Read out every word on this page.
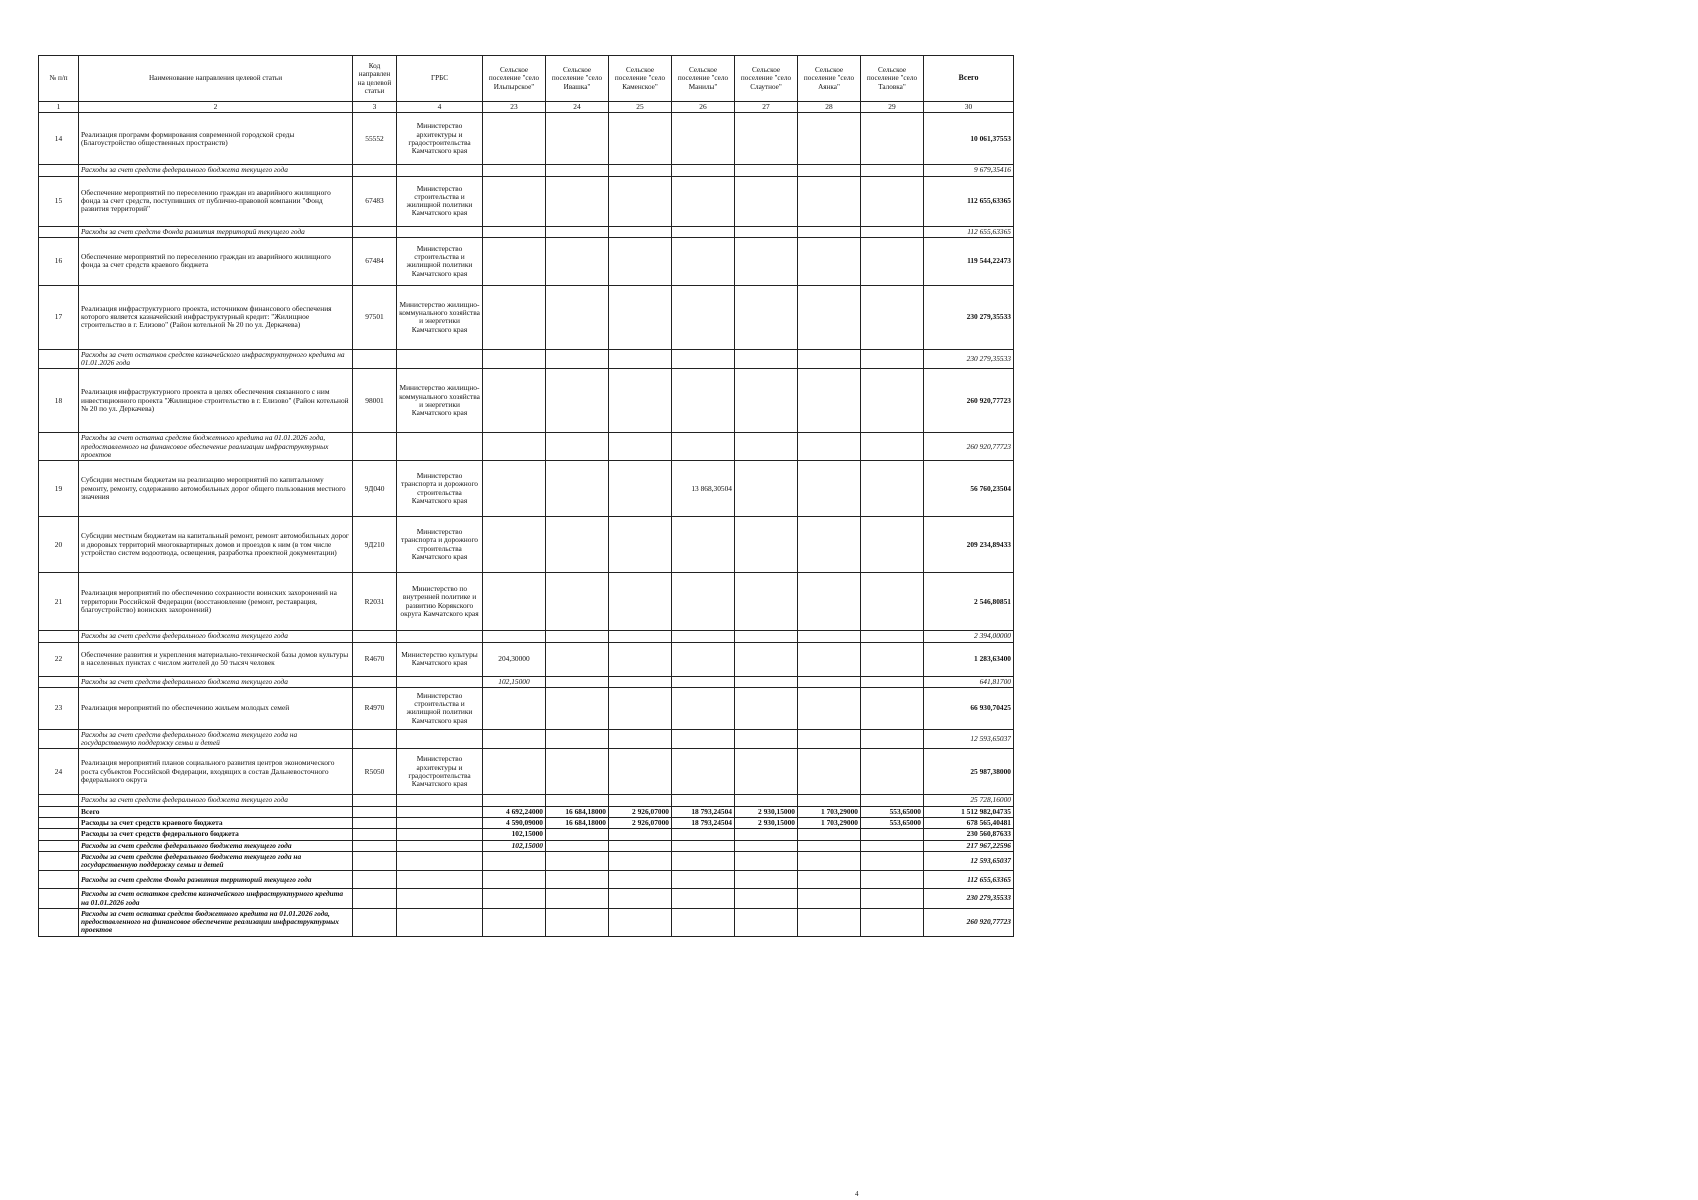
№ п/п	Наименование направления целевой статьи	Код направлен на целевой статьи	ГРБС	Сельское поселение "село Ильпырское"	Сельское поселение "село Ивашка"	Сельское поселение "село Каменское"	Сельское поселение "село Манилы"	Сельское поселение "село Слаутное"	Сельское поселение "село Аянка"	Сельское поселение "село Таловка"	Всего
1	2	3	4	23	24	25	26	27	28	29	30
14	Реализация программ формирования современной городской среды (Благоустройство общественных пространств)	55552	Министерство архитектуры и градостроительства Камчатского края								10 061,37553
	Расходы за счет средств федерального бюджета текущего года										9 679,35416
15	Обеспечение мероприятий по переселению граждан из аварийного жилищного фонда за счет средств, поступивших от публично-правовой компании "Фонд развития территорий"	67483	Министерство строительства и жилищной политики Камчатского края								112 655,63365
	Расходы за счет средств Фонда развития территорий текущего года										112 655,63365
16	Обеспечение мероприятий по переселению граждан из аварийного жилищного фонда за счет средств краевого бюджета	67484	Министерство строительства и жилищной политики Камчатского края								119 544,22473
17	Реализация инфраструктурного проекта, источником финансового обеспечения которого является казначейский инфраструктурный кредит: "Жилищное строительство в г. Елизово" (Район котельной № 20 по ул. Деркачева)	97501	Министерство жилищно-коммунального хозяйства и энергетики Камчатского края								230 279,35533
	Расходы за счет остатков средств казначейского инфраструктурного кредита на 01.01.2026 года										230 279,35533
18	Реализация инфраструктурного проекта в целях обеспечения связанного с ним инвестиционного проекта "Жилищное строительство в г. Елизово" (Район котельной № 20 по ул. Деркачева)	98001	Министерство жилищно-коммунального хозяйства и энергетики Камчатского края								260 920,77723
	Расходы за счет остатка средств бюджетного кредита на 01.01.2026 года, предоставленного на финансовое обеспечение реализации инфраструктурных проектов										260 920,77723
19	Субсидии местным бюджетам на реализацию мероприятий по капитальному ремонту, ремонту, содержанию автомобильных дорог общего пользования местного значения	9Д040	Министерство транспорта и дорожного строительства Камчатского края				13 868,30504				56 760,23504
20	Субсидии местным бюджетам на капитальный ремонт, ремонт автомобильных дорог и дворовых территорий многоквартирных домов и проездов к ним (в том числе устройство систем водоотвода, освещения, разработка проектной документации)	9Д210	Министерство транспорта и дорожного строительства Камчатского края								209 234,89433
21	Реализация мероприятий по обеспечению сохранности воинских захоронений на территории Российской Федерации (восстановление (ремонт, реставрация, благоустройство) воинских захоронений)	R2031	Министерство по внутренней политике и развитию Корякского округа Камчатского края								2 546,80851
	Расходы за счет средств федерального бюджета текущего года										2 394,00000
22	Обеспечение развития и укрепления материально-технической базы домов культуры в населенных пунктах с числом жителей до 50 тысяч человек	R4670	Министерство культуры Камчатского края	204,30000							1 283,63400
	Расходы за счет средств федерального бюджета текущего года			102,15000							641,81700
23	Реализация мероприятий по обеспечению жильем молодых семей	R4970	Министерство строительства и жилищной политики Камчатского края								66 930,70425
	Расходы за счет средств федерального бюджета текущего года на государственную поддержку семьи и детей										12 593,65037
24	Реализация мероприятий планов социального развития центров экономического роста субъектов Российской Федерации, входящих в состав Дальневосточного федерального округа	R5050	Министерство архитектуры и градостроительства Камчатского края								25 987,38000
	Расходы за счет средств федерального бюджета текущего года										25 728,16000
	Всего			4 692,24000	16 684,18000	2 926,07000	18 793,24504	2 930,15000	1 703,29000	553,65000	1 512 982,04735
	Расходы за счет средств краевого бюджета			4 590,09000	16 684,18000	2 926,07000	18 793,24504	2 930,15000	1 703,29000	553,65000	678 565,40481
	Расходы за счет средств федерального бюджета			102,15000							230 560,87633
	Расходы за счет средств федерального бюджета текущего года			102,15000							217 967,22596
	Расходы за счет средств федерального бюджета текущего года на государственную поддержку семьи и детей										12 593,65037
	Расходы за счет средств Фонда развития территорий текущего года										112 655,63365
	Расходы за счет остатков средств казначейского инфраструктурного кредита на 01.01.2026 года										230 279,35533
	Расходы за счет остатка средств бюджетного кредита на 01.01.2026 года, предоставленного на финансовое обеспечение реализации инфраструктурных проектов										260 920,77723
4
